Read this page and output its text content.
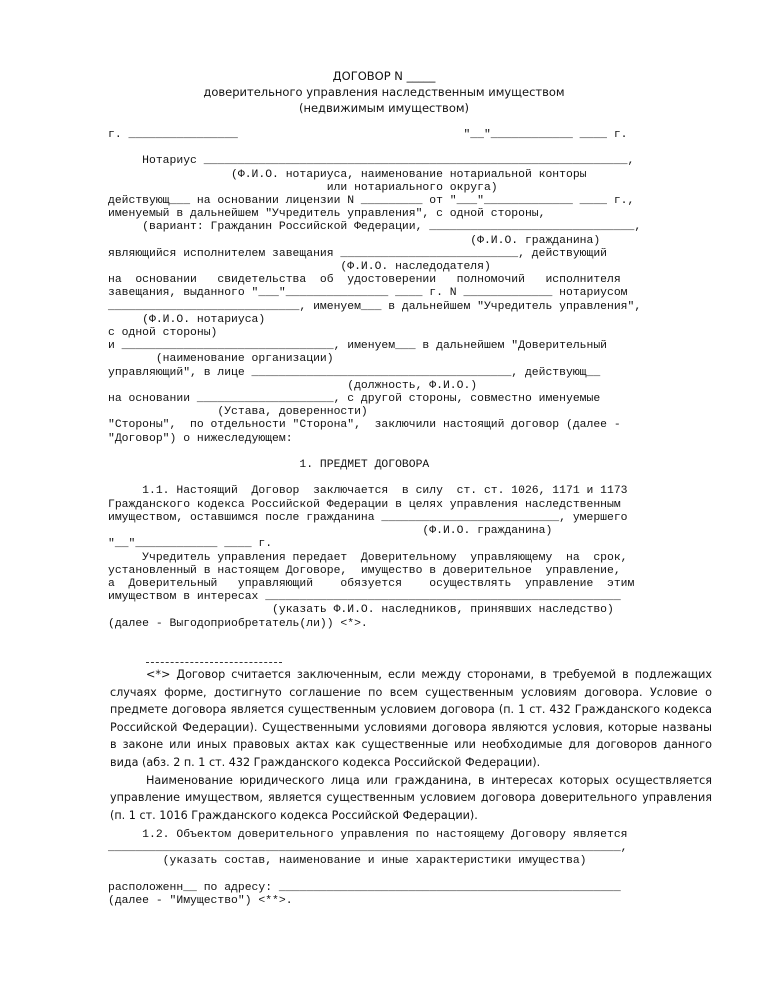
ДОГОВОР N _____
доверительного управления наследственным имуществом
(недвижимым имуществом)
г. ________________                                 "__"____________ ____ г.

Нотариус ______________________________________________________________,
(Ф.И.О. нотариуса, наименование нотариальной конторы
или нотариального округа)
действующ___ на основании лицензии N _________ от "___"_____________ ____ г.,
именуемый в дальнейшем "Учредитель управления", с одной стороны,
(вариант: Гражданин Российской Федерации, ______________________________,
(Ф.И.О. гражданина)
являющийся исполнителем завещания __________________________, действующий
(Ф.И.О. наследодателя)
на  основании   свидетельства  об  удостоверении   полномочий   исполнителя
завещания, выданного "___"_______________ ____ г. N _____________ нотариусом
____________________________, именуем___ в дальнейшем "Учредитель управления",
(Ф.И.О. нотариуса)
с одной стороны)
и _______________________________, именуем___ в дальнейшем "Доверительный
(наименование организации)
управляющий", в лице ______________________________________, действующ__
(должность, Ф.И.О.)
на основании ____________________, с другой стороны, совместно именуемые
(Устава, доверенности)
"Стороны",  по отдельности "Сторона",  заключили настоящий договор (далее -
"Договор") о нижеследующем:

1. ПРЕДМЕТ ДОГОВОРА

1.1. Настоящий  Договор  заключается  в силу  ст. ст. 1026, 1171 и 1173
Гражданского кодекса Российской Федерации в целях управления наследственным
имуществом, оставшимся после гражданина __________________________, умершего
(Ф.И.О. гражданина)
"__"____________ ____ г.
Учредитель управления передает  Доверительному  управляющему  на  срок,
установленный в настоящем Договоре,  имущество в доверительное  управление,
а  Доверительный   управляющий    обязуется    осуществлять  управление  этим
имуществом в интересах ____________________________________________________
(указать Ф.И.О. наследников, принявших наследство)
(далее - Выгодоприобретатель(ли)) <*>.

<*> Договор считается заключенным, если между сторонами, в требуемой в подлежащих случаях форме, достигнуто соглашение по всем существенным условиям договора. Условие о предмете договора является существенным условием договора (п. 1 ст. 432 Гражданского кодекса Российской Федерации). Существенными условиями договора являются условия, которые названы в законе или иных правовых актах как существенные или необходимые для договоров данного вида (абз. 2 п. 1 ст. 432 Гражданского кодекса Российской Федерации).

Наименование юридического лица или гражданина, в интересах которых осуществляется управление имуществом, является существенным условием договора доверительного управления (п. 1 ст. 1016 Гражданского кодекса Российской Федерации).

1.2. Объектом доверительного управления по настоящему Договору является
___________________________________________________________________________,
(указать состав, наименование и иные характеристики имущества)

расположенн__ по адресу: __________________________________________________
(далее - "Имущество") <**>.
